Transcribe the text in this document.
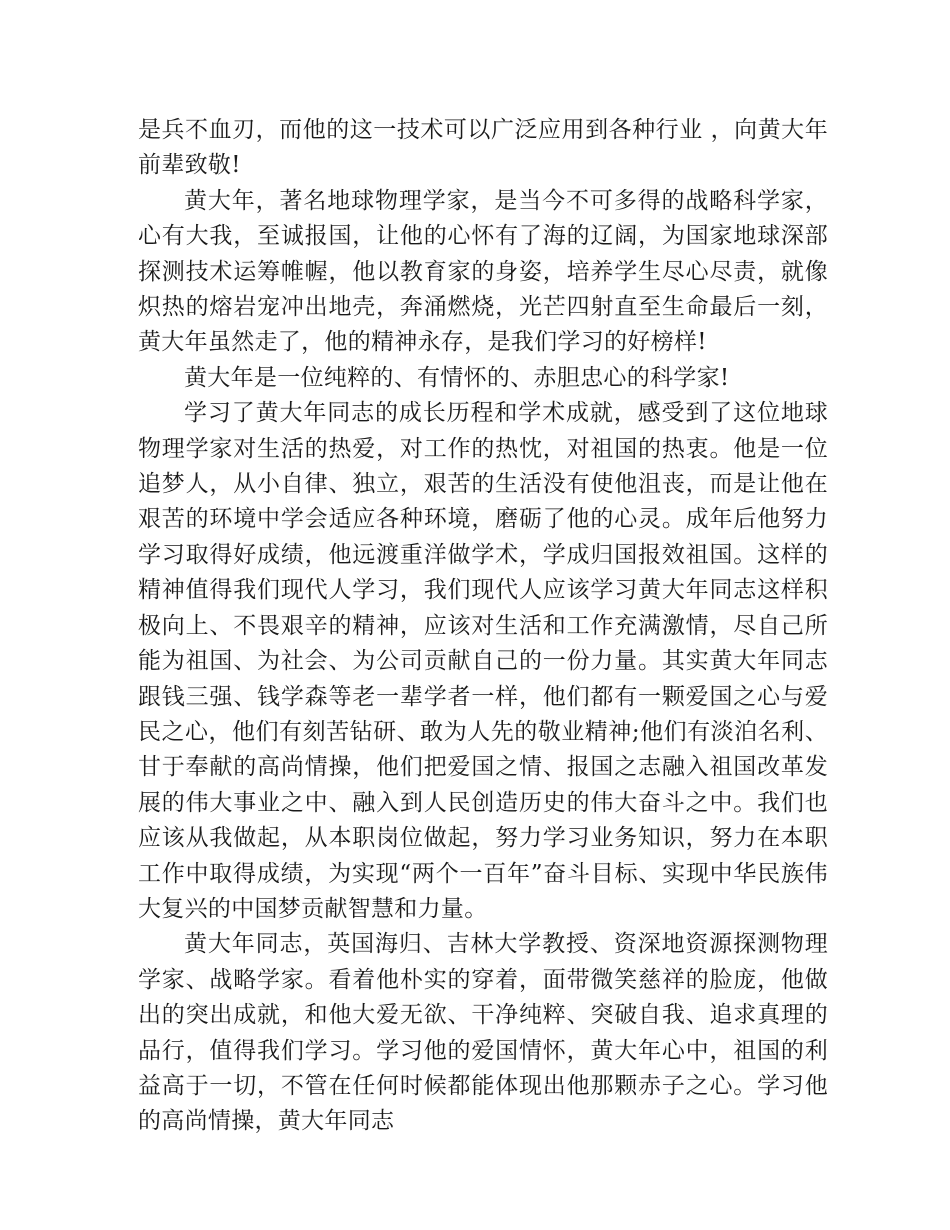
是兵不血刃，而他的这一技术可以广泛应用到各种行业 ，向黄大年前辈致敬!

黄大年，著名地球物理学家，是当今不可多得的战略科学家，心有大我，至诚报国，让他的心怀有了海的辽阔，为国家地球深部探测技术运筹帷幄，他以教育家的身姿，培养学生尽心尽责，就像炽热的熔岩宠冲出地壳，奔涌燃烧，光芒四射直至生命最后一刻，黄大年虽然走了，他的精神永存，是我们学习的好榜样!

黄大年是一位纯粹的、有情怀的、赤胆忠心的科学家!

学习了黄大年同志的成长历程和学术成就，感受到了这位地球物理学家对生活的热爱，对工作的热忱，对祖国的热衷。他是一位追梦人，从小自律、独立，艰苦的生活没有使他沮丧，而是让他在艰苦的环境中学会适应各种环境，磨砺了他的心灵。成年后他努力学习取得好成绩，他远渡重洋做学术，学成归国报效祖国。这样的精神值得我们现代人学习，我们现代人应该学习黄大年同志这样积极向上、不畏艰辛的精神，应该对生活和工作充满激情，尽自己所能为祖国、为社会、为公司贡献自己的一份力量。其实黄大年同志跟钱三强、钱学森等老一辈学者一样，他们都有一颗爱国之心与爱民之心，他们有刻苦钻研、敢为人先的敬业精神;他们有淡泊名利、甘于奉献的高尚情操，他们把爱国之情、报国之志融入祖国改革发展的伟大事业之中、融入到人民创造历史的伟大奋斗之中。我们也应该从我做起，从本职岗位做起，努力学习业务知识，努力在本职工作中取得成绩，为实现“两个一百年”奋斗目标、实现中华民族伟大复兴的中国梦贡献智慧和力量。

黄大年同志，英国海归、吉林大学教授、资深地资源探测物理学家、战略学家。看着他朴实的穿着，面带微笑慈祥的脸庞，他做出的突出成就，和他大爱无欲、干净纯粹、突破自我、追求真理的品行，值得我们学习。学习他的爱国情怀，黄大年心中，祖国的利益高于一切，不管在任何时候都能体现出他那颗赤子之心。学习他的高尚情操，黄大年同志
